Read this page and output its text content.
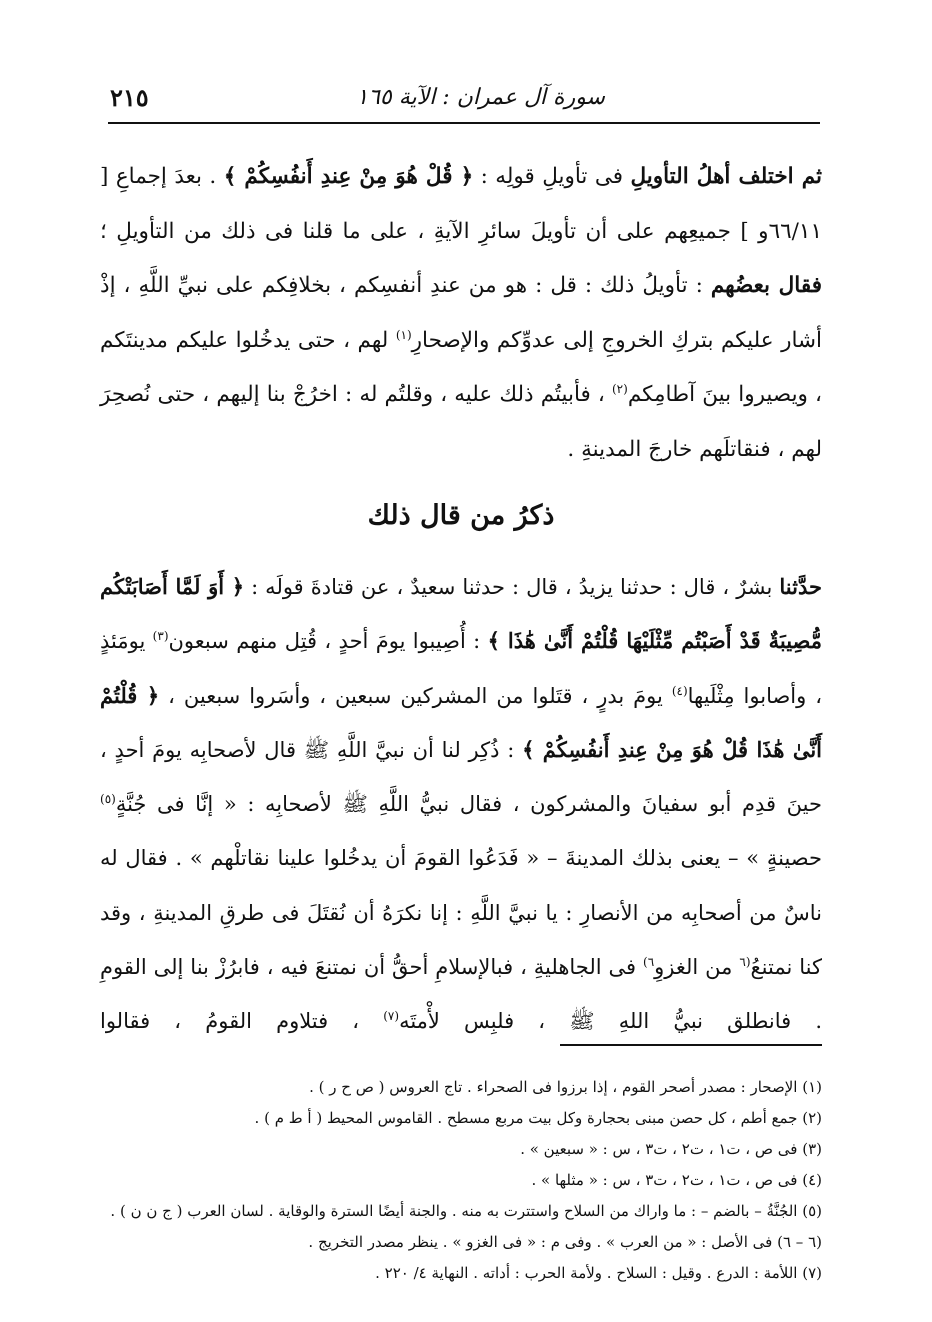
٢١٥	سورة آل عمران : الآية ١٦٥

ثم اختلف أهلُ التأويلِ فى تأويلِ قولِه : ﴿ قُلْ هُوَ مِنْ عِندِ أَنفُسِكُمْ ﴾ . بعدَ إجماعِ [ ٦٦/١١و ] جميعِهم على أن تأويلَ سائرِ الآيةِ ، على ما قلنا فى ذلك من التأويلِ ؛ فقال بعضُهم : تأويلُ ذلك : قل : هو من عندِ أنفسِكم ، بخلافِكم على نبيِّ اللَّهِ ، إذْ أشار عليكم بتركِ الخروجِ إلى عدوِّكم والإصحارِ$^{(١)}$ لهم ، حتى يدخُلوا عليكم مدينتَكم ، ويصيروا بينَ آطامِكم$^{(٢)}$ ، فأبيتُم ذلك عليه ، وقلتُم له : اخرُجْ بنا إليهم ، حتى نُصحِرَ لهم ، فنقاتلَهم خارجَ المدينةِ .

ذكرُ من قال ذلك

حدَّثنا بشرٌ ، قال : حدثنا يزيدُ ، قال : حدثنا سعيدٌ ، عن قتادةَ قولَه : ﴿ أَوَ لَمَّا أَصَابَتْكُم مُّصِيبَةٌ قَدْ أَصَبْتُم مِّثْلَيْهَا قُلْتُمْ أَنَّىٰ هَٰذَا ﴾ : أُصِيبوا يومَ أحدٍ ، قُتِل منهم سبعون$^{(٣)}$ يومَئذٍ ، وأصابوا مِثْلَيها$^{(٤)}$ يومَ بدرٍ ، قتَلوا من المشركين سبعين ، وأسَروا سبعين ، ﴿ قُلْتُمْ أَنَّىٰ هَٰذَا قُلْ هُوَ مِنْ عِندِ أَنفُسِكُمْ ﴾ : ذُكِر لنا أن نبيَّ اللَّهِ ﷺ قال لأصحابِه يومَ أحدٍ ، حينَ قدِم أبو سفيانَ والمشركون ، فقال نبيُّ اللَّهِ ﷺ لأصحابِه : « إنَّا فى جُنَّةٍ$^{(٥)}$ حصينةٍ » – يعنى بذلك المدينةَ – « فَدَعُوا القومَ أن يدخُلوا علينا نقاتلْهم » . فقال له ناسٌ من أصحابِه من الأنصارِ : يا نبيَّ اللَّهِ : إنا نكرَهُ أن نُقتَلَ فى طرقِ المدينةِ ، وقد كنا نمتنعُ$^{(٦}$ من الغزوِ$^{٦)}$ فى الجاهليةِ ، فبالإسلامِ أحقُّ أن نمتنعَ فيه ، فابرُزْ بنا إلى القومِ . فانطلق نبيُّ اللهِ ﷺ ، فلبِس لأْمتَه$^{(٧)}$ ، فتلاوم القومُ ، فقالوا

(١) الإصحار : مصدر أصحر القوم ، إذا برزوا فى الصحراء . تاج العروس ( ص ح ر ) .
(٢) جمع أطم ، كل حصن مبنى بحجارة وكل بيت مربع مسطح . القاموس المحيط ( أ ط م ) .
(٣) فى ص ، ت١ ، ت٢ ، ت٣ ، س : « سبعين » .
(٤) فى ص ، ت١ ، ت٢ ، ت٣ ، س : « مثلها » .
(٥) الجُنَّةُ – بالضم – : ما واراك من السلاح واستترت به منه . والجنة أيضًا السترة والوقاية . لسان العرب ( ج ن ن ) .
(٦ – ٦) فى الأصل : « من العرب » . وفى م : « فى الغزو » . ينظر مصدر التخريج .
(٧) اللأمة : الدرع . وقيل : السلاح . ولأمة الحرب : أداته . النهاية ٤/ ٢٢٠ .
